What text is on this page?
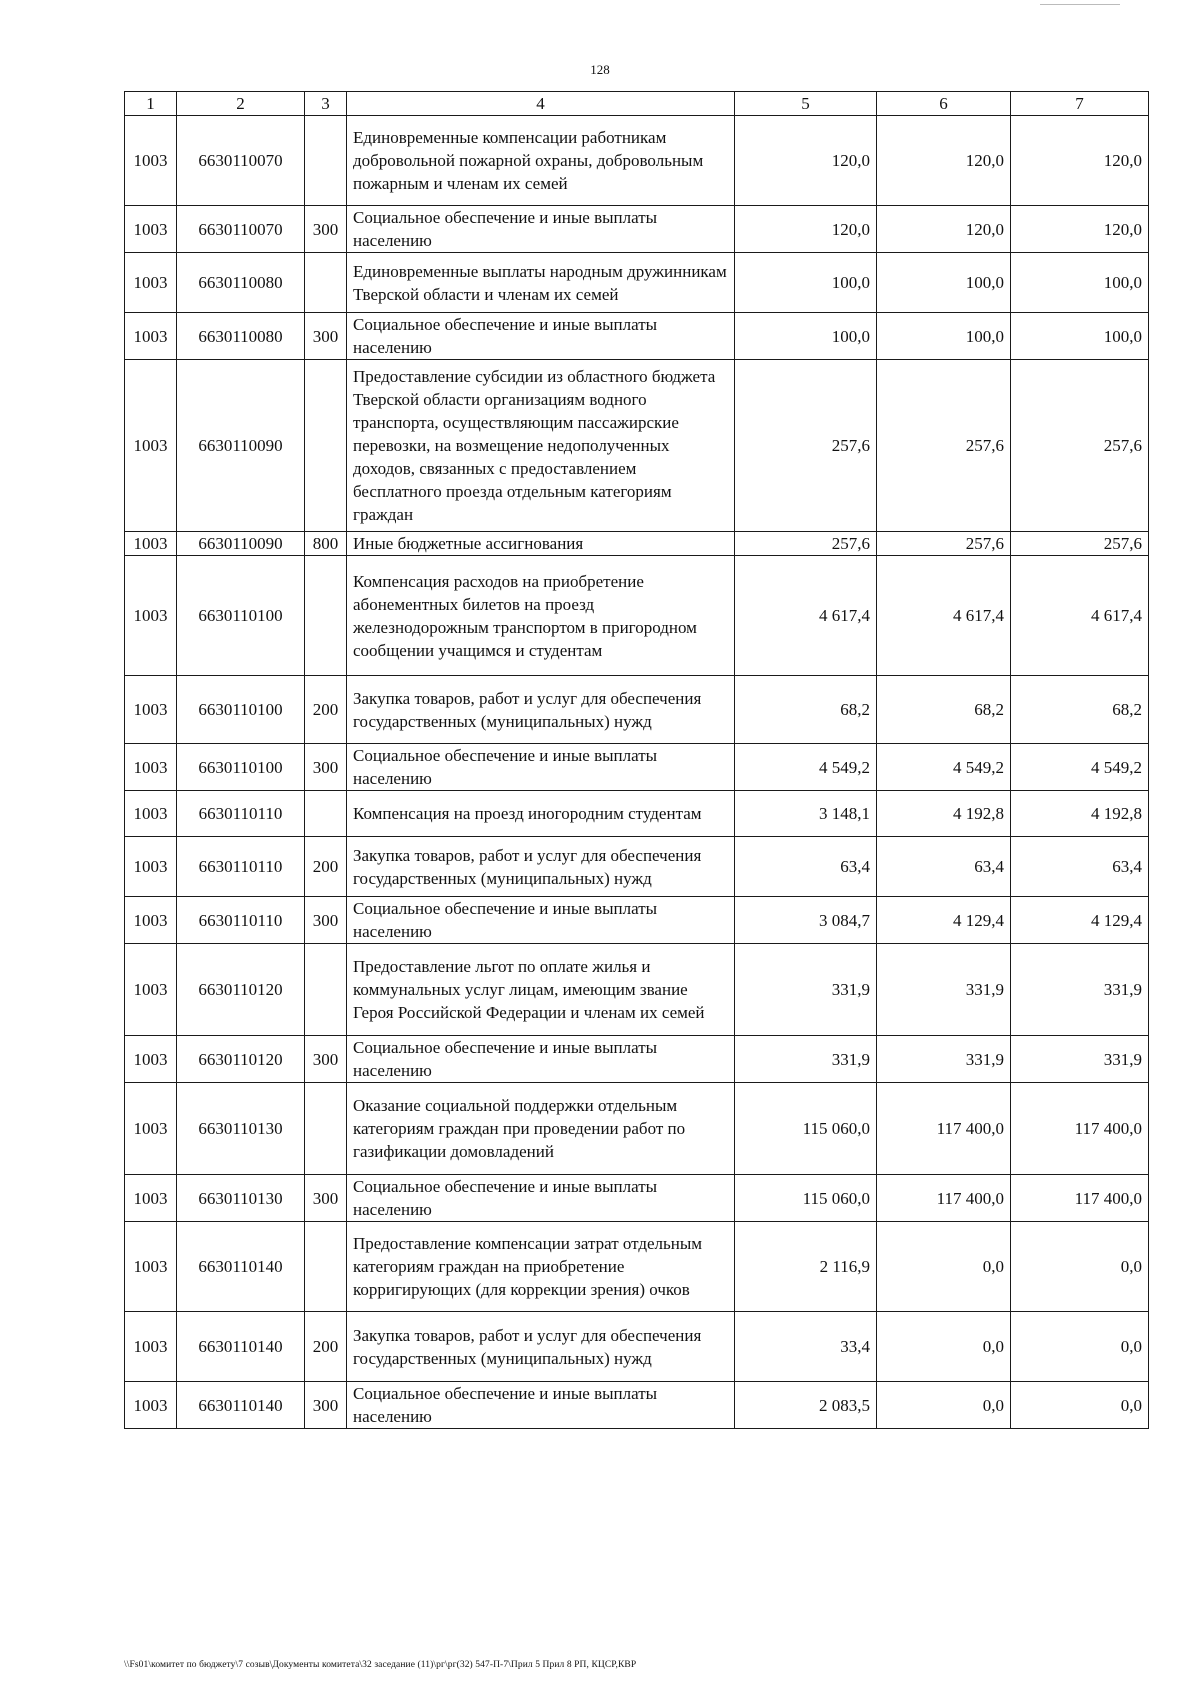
128
1	2	3	4	5	6	7
1003	6630110070		Единовременные компенсации работникам добровольной пожарной охраны, добровольным пожарным и членам их семей	120,0	120,0	120,0
1003	6630110070	300	Социальное обеспечение и иные выплаты населению	120,0	120,0	120,0
1003	6630110080		Единовременные выплаты народным дружинникам Тверской области и членам их семей	100,0	100,0	100,0
1003	6630110080	300	Социальное обеспечение и иные выплаты населению	100,0	100,0	100,0
1003	6630110090		Предоставление субсидии из областного бюджета Тверской области организациям водного транспорта, осуществляющим пассажирские перевозки, на возмещение недополученных доходов, связанных с предоставлением бесплатного проезда отдельным категориям граждан	257,6	257,6	257,6
1003	6630110090	800	Иные бюджетные ассигнования	257,6	257,6	257,6
1003	6630110100		Компенсация расходов на приобретение абонементных билетов на проезд железнодорожным транспортом в пригородном сообщении учащимся и студентам	4 617,4	4 617,4	4 617,4
1003	6630110100	200	Закупка товаров, работ и услуг для обеспечения государственных (муниципальных) нужд	68,2	68,2	68,2
1003	6630110100	300	Социальное обеспечение и иные выплаты населению	4 549,2	4 549,2	4 549,2
1003	6630110110		Компенсация на проезд иногородним студентам	3 148,1	4 192,8	4 192,8
1003	6630110110	200	Закупка товаров, работ и услуг для обеспечения государственных (муниципальных) нужд	63,4	63,4	63,4
1003	6630110110	300	Социальное обеспечение и иные выплаты населению	3 084,7	4 129,4	4 129,4
1003	6630110120		Предоставление льгот по оплате жилья и коммунальных услуг лицам, имеющим звание Героя Российской Федерации и членам их семей	331,9	331,9	331,9
1003	6630110120	300	Социальное обеспечение и иные выплаты населению	331,9	331,9	331,9
1003	6630110130		Оказание социальной поддержки отдельным категориям граждан при проведении работ по газификации домовладений	115 060,0	117 400,0	117 400,0
1003	6630110130	300	Социальное обеспечение и иные выплаты населению	115 060,0	117 400,0	117 400,0
1003	6630110140		Предоставление компенсации затрат отдельным категориям граждан на приобретение корригирующих (для коррекции зрения) очков	2 116,9	0,0	0,0
1003	6630110140	200	Закупка товаров, работ и услуг для обеспечения государственных (муниципальных) нужд	33,4	0,0	0,0
1003	6630110140	300	Социальное обеспечение и иные выплаты населению	2 083,5	0,0	0,0
\\Fs01\комитет по бюджету\7 созыв\Документы комитета\32 заседание (11)\рг\рг(32) 547-П-7\Прил 5 Прил 8 РП, КЦСР,КВР
